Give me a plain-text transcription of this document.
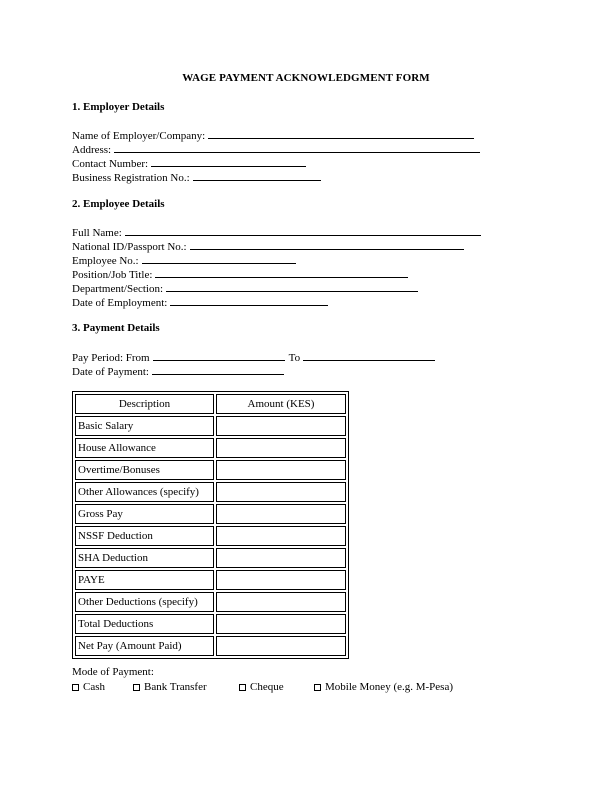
WAGE PAYMENT ACKNOWLEDGMENT FORM
1. Employer Details
Name of Employer/Company:
Address:
Contact Number:
Business Registration No.:
2. Employee Details
Full Name:
National ID/Passport No.:
Employee No.:
Position/Job Title:
Department/Section:
Date of Employment:
3. Payment Details
Pay Period: From	To
Date of Payment:
Description	Amount (KES)
Basic Salary	
House Allowance	
Overtime/Bonuses	
Other Allowances (specify)	
Gross Pay	
NSSF Deduction	
SHA Deduction	
PAYE	
Other Deductions (specify)	
Total Deductions	
Net Pay (Amount Paid)	
Mode of Payment:
Cash	Bank Transfer	Cheque	Mobile Money (e.g. M-Pesa)
